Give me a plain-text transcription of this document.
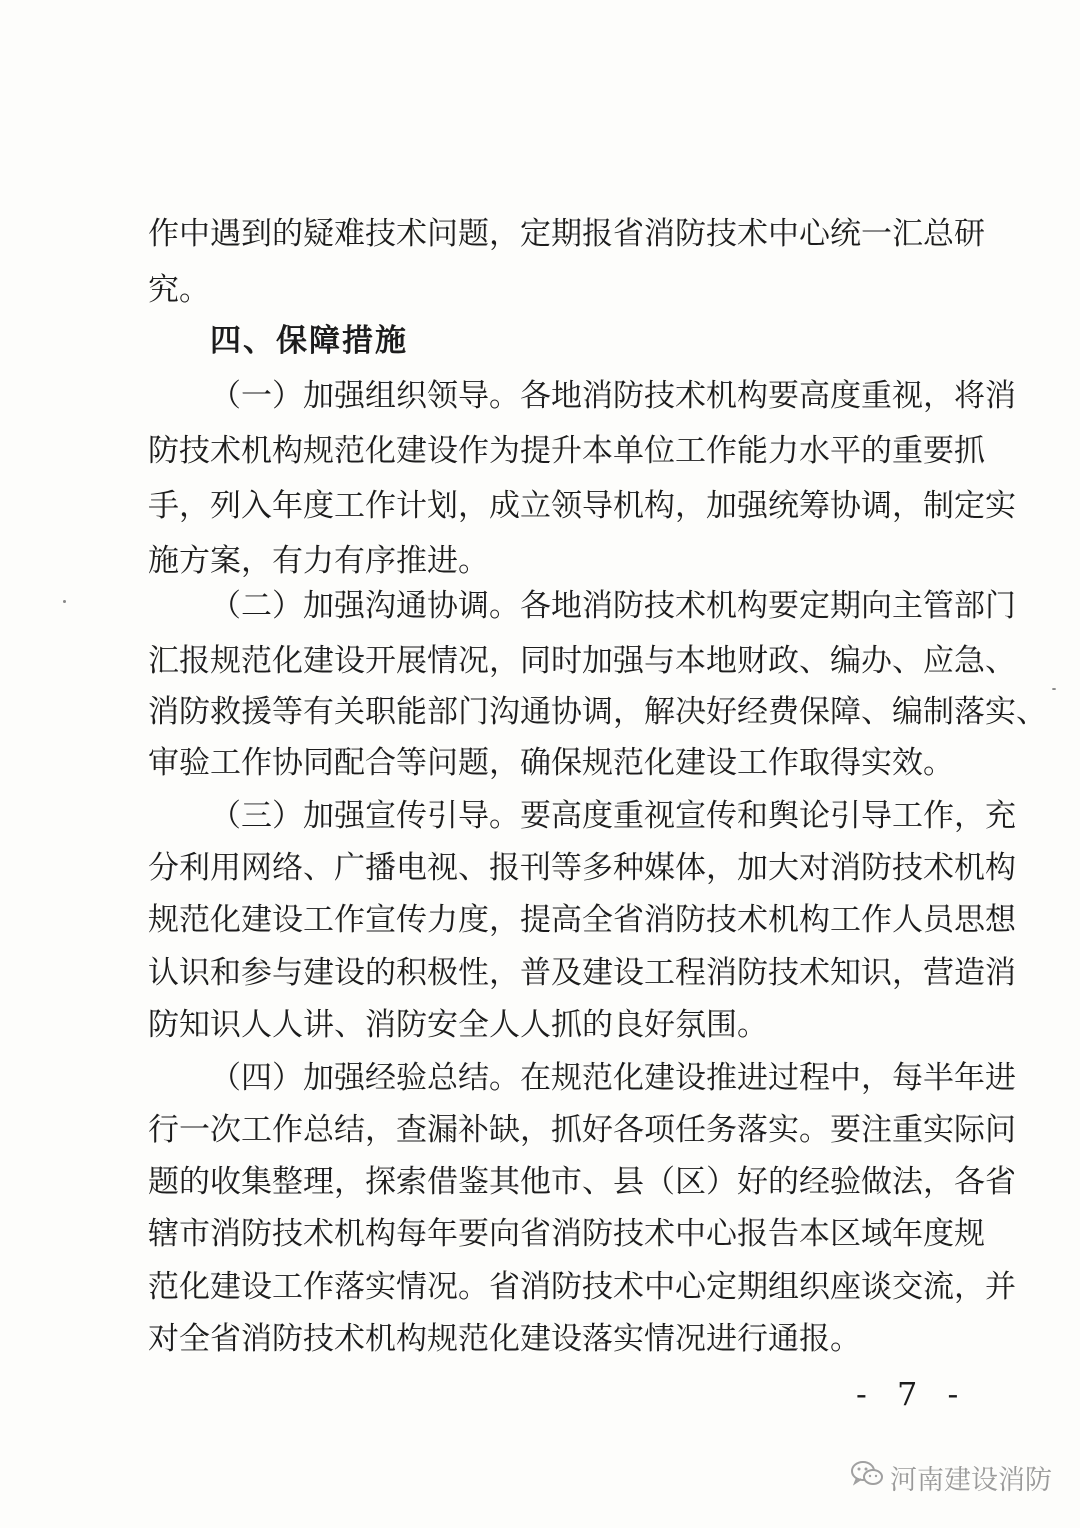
作中遇到的疑难技术问题，定期报省消防技术中心统一汇总研
究。
四、保障措施
（一）加强组织领导。各地消防技术机构要高度重视，将消
防技术机构规范化建设作为提升本单位工作能力水平的重要抓
手，列入年度工作计划，成立领导机构，加强统筹协调，制定实
施方案，有力有序推进。
（二）加强沟通协调。各地消防技术机构要定期向主管部门
汇报规范化建设开展情况，同时加强与本地财政、编办、应急、
消防救援等有关职能部门沟通协调，解决好经费保障、编制落实、
审验工作协同配合等问题，确保规范化建设工作取得实效。
（三）加强宣传引导。要高度重视宣传和舆论引导工作，充
分利用网络、广播电视、报刊等多种媒体，加大对消防技术机构
规范化建设工作宣传力度，提高全省消防技术机构工作人员思想
认识和参与建设的积极性，普及建设工程消防技术知识，营造消
防知识人人讲、消防安全人人抓的良好氛围。
（四）加强经验总结。在规范化建设推进过程中，每半年进
行一次工作总结，查漏补缺，抓好各项任务落实。要注重实际问
题的收集整理，探索借鉴其他市、县（区）好的经验做法，各省
辖市消防技术机构每年要向省消防技术中心报告本区域年度规
范化建设工作落实情况。省消防技术中心定期组织座谈交流，并
对全省消防技术机构规范化建设落实情况进行通报。
- 7 -
河南建设消防
